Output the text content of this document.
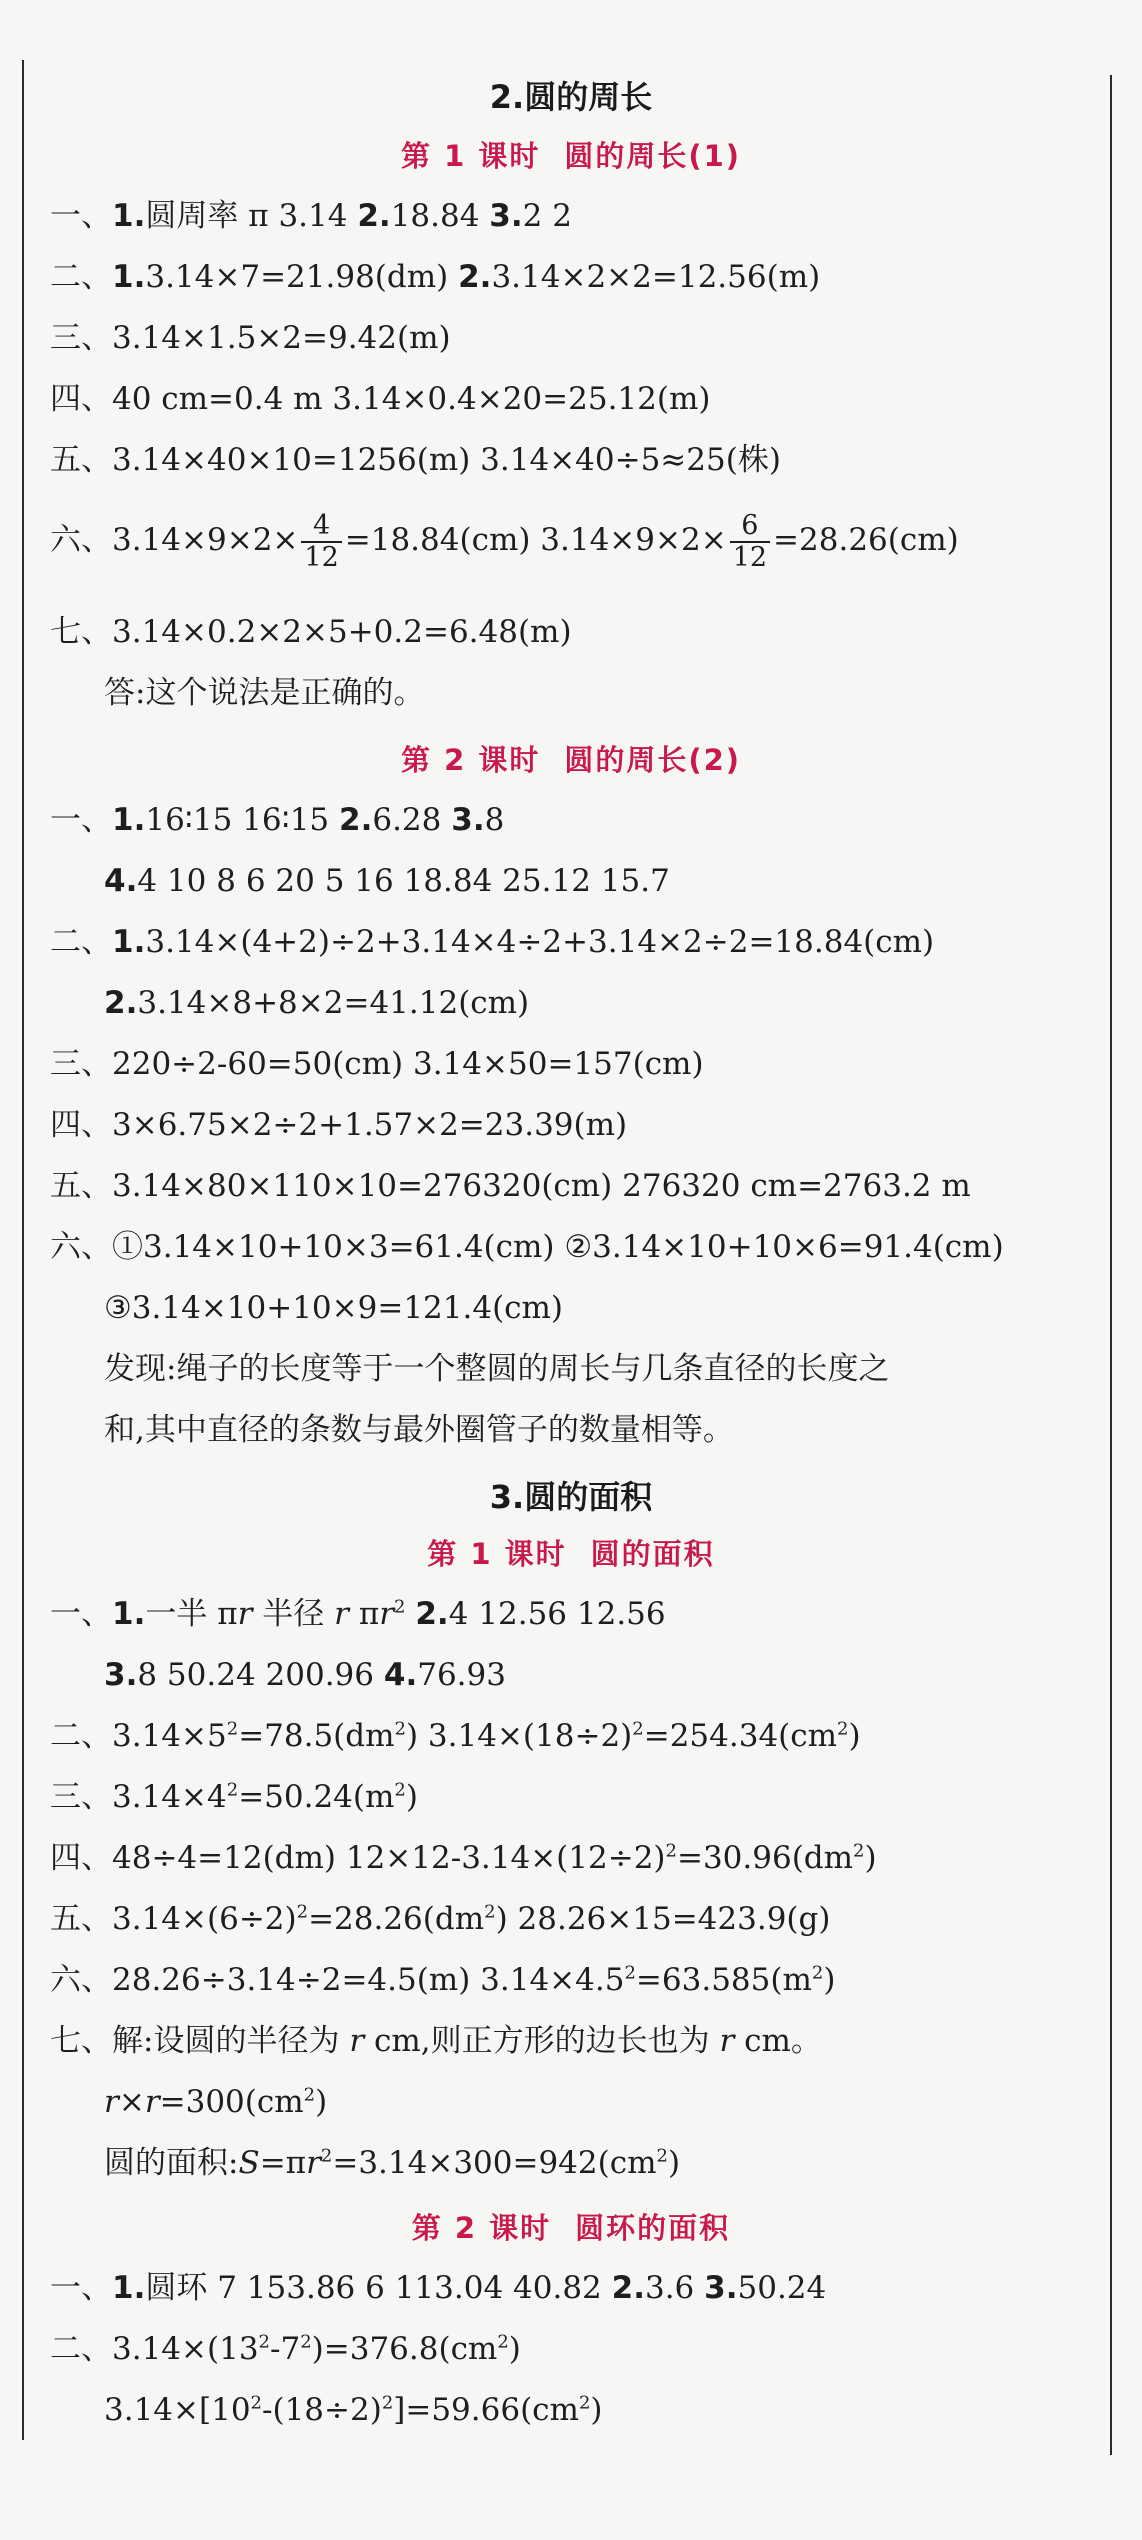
2.圆的周长
第 1 课时 圆的周长(1)
一、1.圆周率 π 3.14 2.18.84 3.2 2
二、1.3.14×7=21.98(dm) 2.3.14×2×2=12.56(m)
三、3.14×1.5×2=9.42(m)
四、40 cm=0.4 m 3.14×0.4×20=25.12(m)
五、3.14×40×10=1256(m) 3.14×40÷5≈25(株)
六、$3.14\times 9\times 2\times \frac{4}{12} =18.84(cm)$ $3.14\times 9\times 2\times \frac{6}{12} =28.26(cm)$
七、3.14×0.2×2×5+0.2=6.48(m)
答:这个说法是正确的。
第 2 课时 圆的周长(2)
一、1.16∶15 16∶15 2.6.28 3.8
4.4 10 8 6 20 5 16 18.84 25.12 15.7
二、1.3.14×(4+2)÷2+3.14×4÷2+3.14×2÷2=18.84(cm)
2.3.14×8+8×2=41.12(cm)
三、220÷2-60=50(cm) 3.14×50=157(cm)
四、3×6.75×2÷2+1.57×2=23.39(m)
五、3.14×80×110×10=276320(cm) 276320 cm=2763.2 m
六、①3.14×10+10×3=61.4(cm) ②3.14×10+10×6=91.4(cm)
③3.14×10+10×9=121.4(cm)
发现:绳子的长度等于一个整圆的周长与几条直径的长度之
和,其中直径的条数与最外圈管子的数量相等。
3.圆的面积
第 1 课时 圆的面积
一、1.一半 πr 半径 r $\pi r^2$ 2.4 12.56 12.56
3.8 50.24 200.96 4.76.93
二、$3.14\times 5^2=78.5(dm^2)$ $3.14\times(18\div 2)^2=254.34(cm^2)$
三、$3.14\times 4^2=50.24(m^2)$
四、48÷4=12(dm) $12\times 12-3.14\times(12\div 2)^2=30.96(dm^2)$
五、$3.14\times(6\div 2)^2=28.26(dm^2)$ 28.26×15=423.9(g)
六、28.26÷3.14÷2=4.5(m) $3.14\times 4.5^2=63.585(m^2)$
七、解:设圆的半径为 r cm,则正方形的边长也为 r cm。
$r\times r=300(cm^2)$
圆的面积$:S=\pi r^2=3.14\times 300=942(cm^2)$
第 2 课时 圆环的面积
一、1.圆环 7 153.86 6 113.04 40.82 2.3.6 3.50.24
二、$3.14\times(13^2-7^2)=376.8(cm^2)$
$3.14\times[10^2-(18\div 2)^2]=59.66(cm^2)$
